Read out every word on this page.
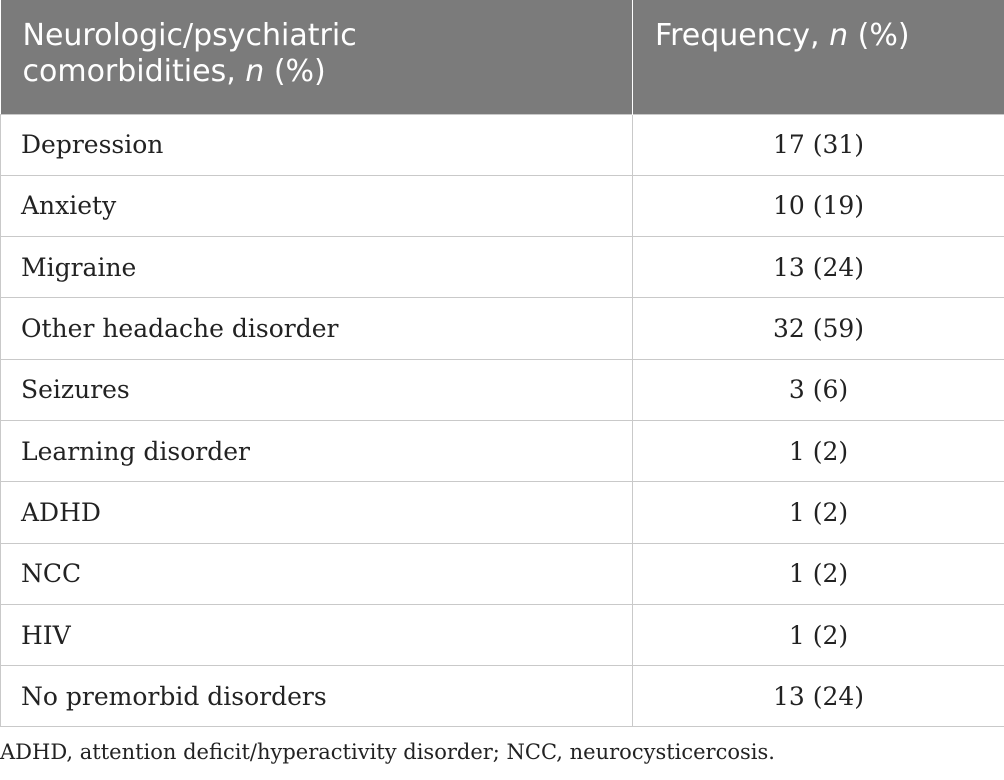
Neurologic/psychiatric
comorbidities, n (%)	Frequency, n (%)
Depression	17 (31)
Anxiety	10 (19)
Migraine	13 (24)
Other headache disorder	32 (59)
Seizures	3 (6)
Learning disorder	1 (2)
ADHD	1 (2)
NCC	1 (2)
HIV	1 (2)
No premorbid disorders	13 (24)
ADHD, attention deficit/hyperactivity disorder; NCC, neurocysticercosis.
